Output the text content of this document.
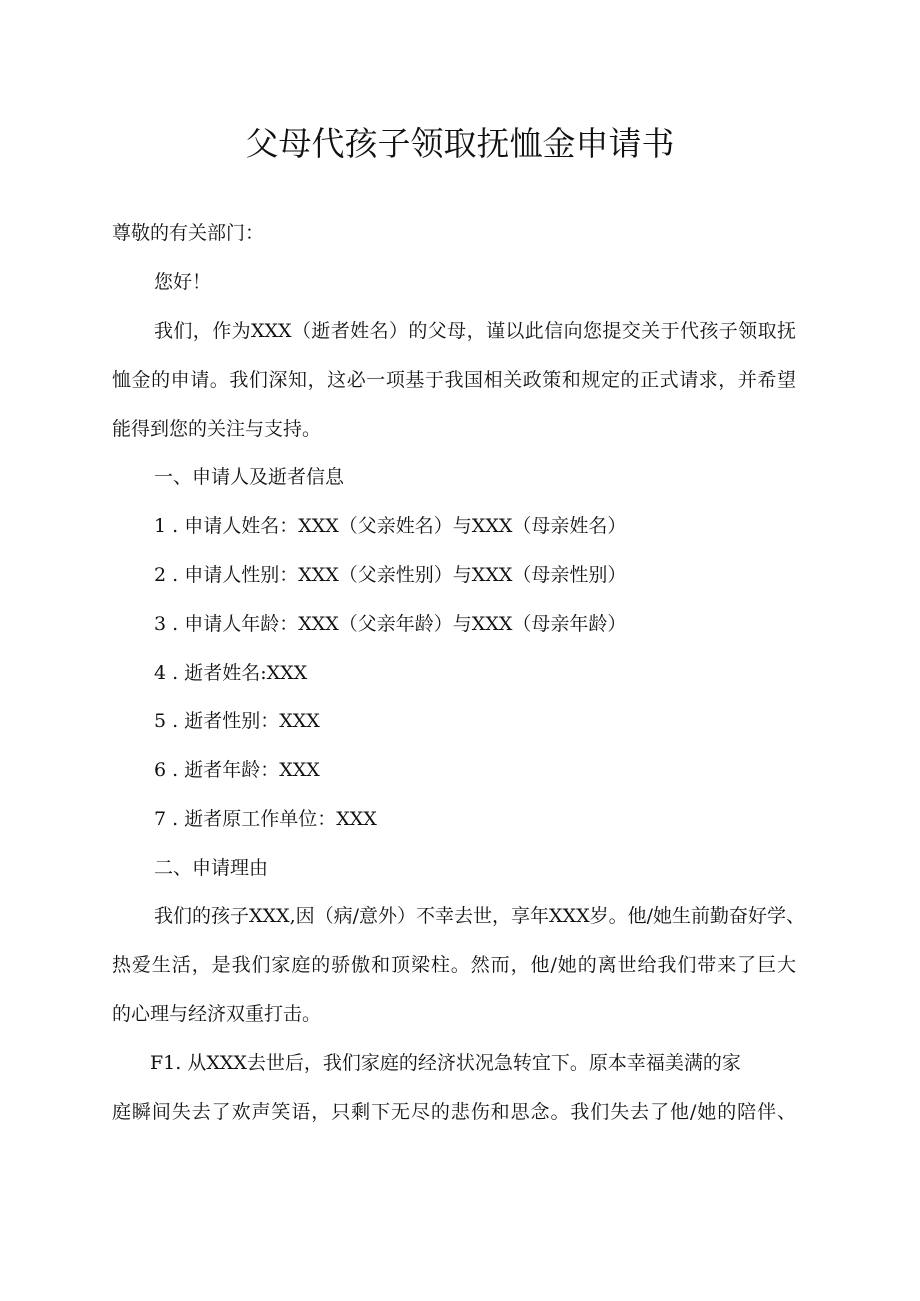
父母代孩子领取抚恤金申请书
尊敬的有关部门：
您好！
我们，作为XXX（逝者姓名）的父母，谨以此信向您提交关于代孩子领取抚
恤金的申请。我们深知，这必一项基于我国相关政策和规定的正式请求，并希望
能得到您的关注与支持。
一、申请人及逝者信息
1 . 申请人姓名：XXX（父亲姓名）与XXX（母亲姓名）
2 . 申请人性别：XXX（父亲性别）与XXX（母亲性别）
3 . 申请人年龄：XXX（父亲年龄）与XXX（母亲年龄）
4 . 逝者姓名:XXX
5 . 逝者性别：XXX
6 . 逝者年龄：XXX
7 . 逝者原工作单位：XXX
二、申请理由
我们的孩子XXX,因（病/意外）不幸去世，享年XXX岁。他/她生前勤奋好学、
热爱生活，是我们家庭的骄傲和顶梁柱。然而，他/她的离世给我们带来了巨大
的心理与经济双重打击。
F1. 从XXX去世后，我们家庭的经济状况急转宜下。原本幸福美满的家
庭瞬间失去了欢声笑语，只剩下无尽的悲伤和思念。我们失去了他/她的陪伴、
